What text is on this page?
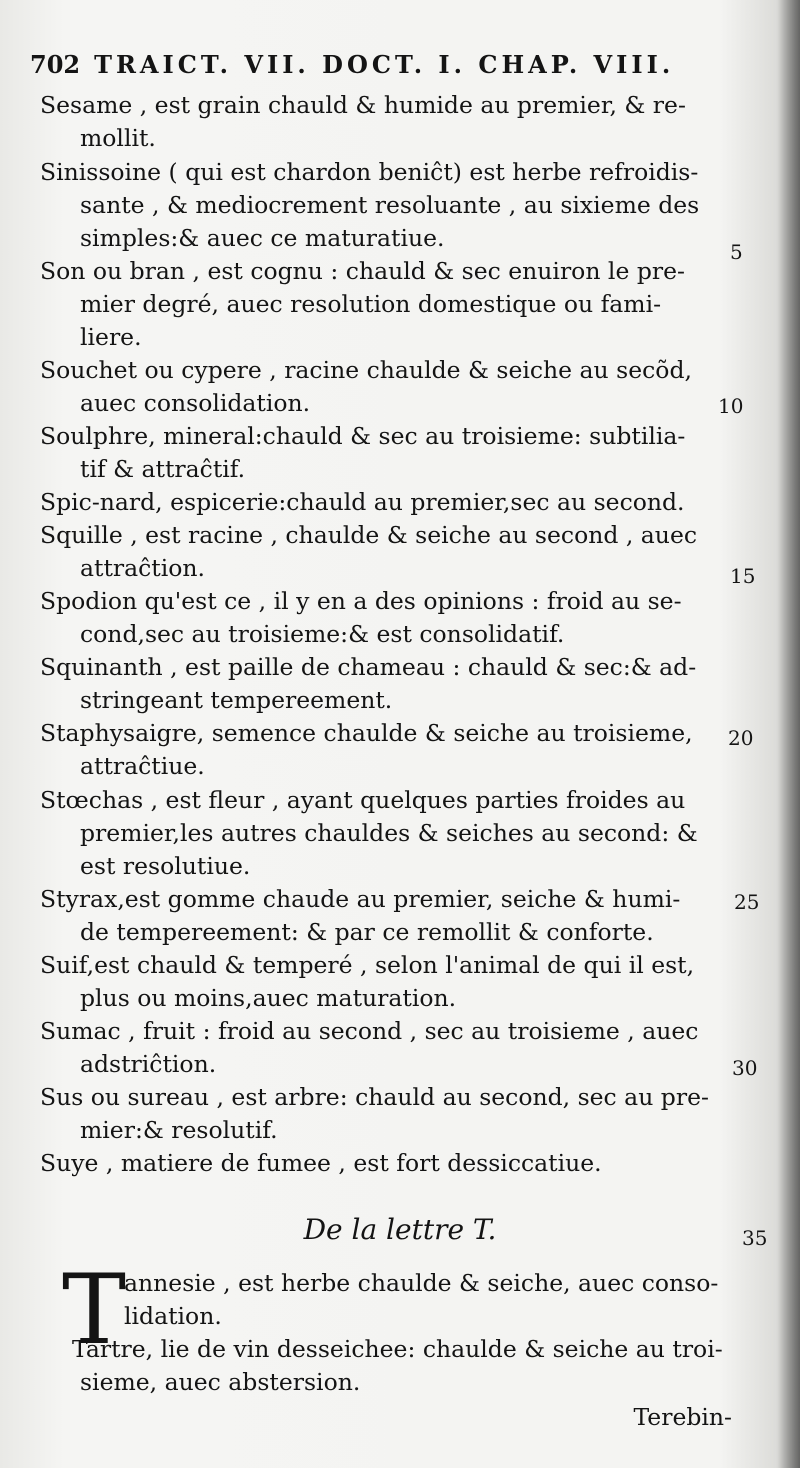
702 TRAICT. VII. DOCT. I. CHAP. VIII.
Sesame , est grain chauld & humide au premier, & re-
mollit.
Sinissoine ( qui est chardon beniĉt) est herbe refroidis-
sante , & mediocrement resoluante , au sixieme des
simples:& auec ce maturatiue.
Son ou bran , est cognu : chauld & sec enuiron le pre-
mier degré, auec resolution domestique ou fami-
liere.
Souchet ou cypere , racine chaulde & seiche au secõd,
auec consolidation.
Soulphre, mineral:chauld & sec au troisieme: subtilia-
tif & attraĉtif.
Spic-nard, espicerie:chauld au premier,sec au second.
Squille , est racine , chaulde & seiche au second , auec
attraĉtion.
Spodion qu'est ce , il y en a des opinions : froid au se-
cond,sec au troisieme:& est consolidatif.
Squinanth , est paille de chameau : chauld & sec:& ad-
stringeant tempereement.
Staphysaigre, semence chaulde & seiche au troisieme,
attraĉtiue.
Stœchas , est fleur , ayant quelques parties froides au
premier,les autres chauldes & seiches au second: &
est resolutiue.
Styrax,est gomme chaude au premier, seiche & humi-
de tempereement: & par ce remollit & conforte.
Suif,est chauld & temperé , selon l'animal de qui il est,
plus ou moins,auec maturation.
Sumac , fruit : froid au second , sec au troisieme , auec
adstriĉtion.
Sus ou sureau , est arbre: chauld au second, sec au pre-
mier:& resolutif.
Suye , matiere de fumee , est fort dessiccatiue.
5
10
15
20
25
30
35
De la lettre T.
T
annesie , est herbe chaulde & seiche, auec conso-
lidation.
Tartre, lie de vin desseichee: chaulde & seiche au troi-
sieme, auec abstersion.
Terebin-
